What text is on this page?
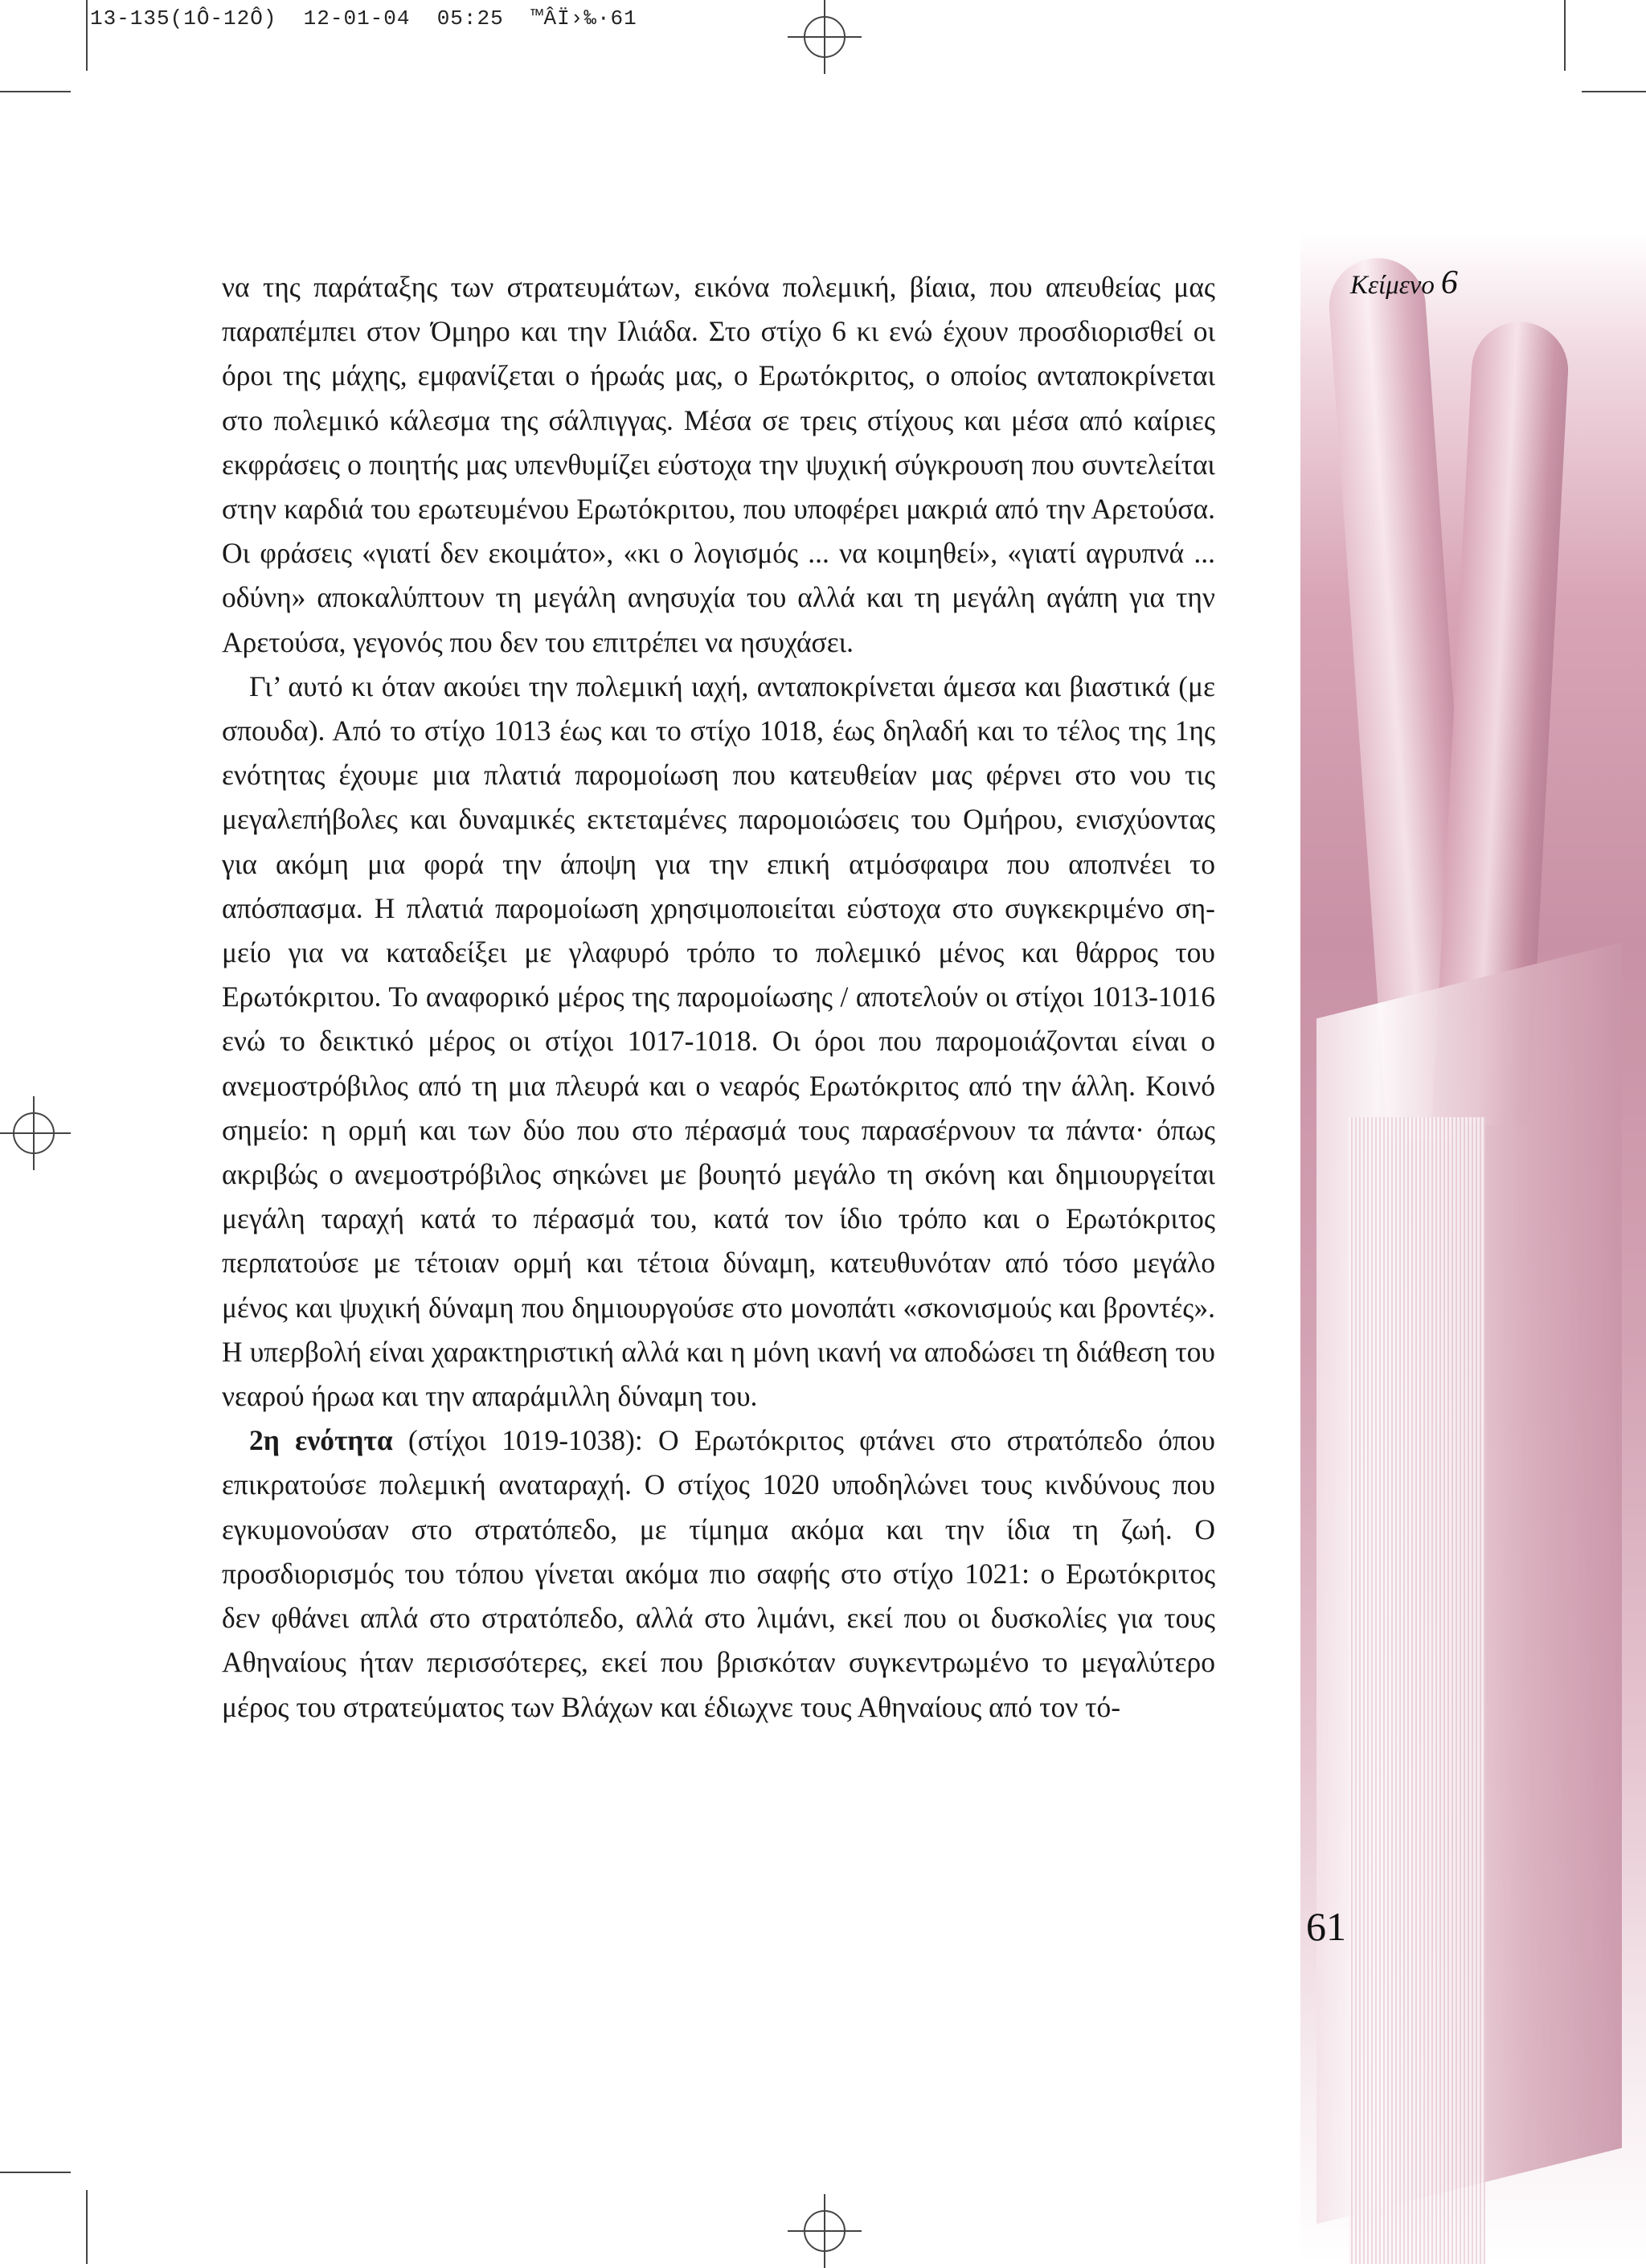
13-135(1Ô-12Ô) 12-01-04 05:25 ™ÂÏ›‰·61
Κείμενο 6

να της παράταξης των στρατευμάτων, εικόνα πολεμική, βίαια, που απευθείας μας παραπέμπει στον Όμηρο και την Ιλιάδα. Στο στίχο 6 κι ενώ έχουν προσδιορισθεί οι όροι της μάχης, εμφανίζεται ο ήρωάς μας, ο Ερωτόκριτος, ο οποίος ανταποκρίνεται στο πολεμικό κάλεσμα της σάλπιγγας. Μέσα σε τρεις στίχους και μέσα από καίριες εκφράσεις ο ποιητής μας υπενθυμίζει εύστοχα την ψυχική σύγκρουση που συντελείται στην καρδιά του ερωτευμένου Ερωτόκριτου, που υποφέρει μακριά από την Αρετούσα. Οι φράσεις «γιατί δεν εκοιμάτο», «κι ο λογισμός ... να κοιμηθεί», «γιατί αγρυπνά ... οδύνη» αποκαλύπτουν τη μεγάλη ανησυχία του αλλά και τη μεγάλη αγάπη για την Αρετούσα, γεγονός που δεν του επιτρέπει να ησυχάσει.

Γι’ αυτό κι όταν ακούει την πολεμική ιαχή, ανταποκρίνεται άμεσα και βιαστικά (με σπουδα). Από το στίχο 1013 έως και το στίχο 1018, έως δηλαδή και το τέλος της 1ης ενότητας έχουμε μια πλατιά παρομοίωση που κατευθείαν μας φέρνει στο νου τις μεγαλεπήβολες και δυναμικές εκτεταμένες παρομοιώσεις του Ομήρου, ενισχύοντας για ακόμη μια φορά την άποψη για την επική ατμόσφαιρα που αποπνέει το απόσπασμα. Η πλατιά παρομοίωση χρησιμοποιείται εύστοχα στο συγκεκριμένο σημείο για να καταδείξει με γλαφυρό τρόπο το πολεμικό μένος και θάρρος του Ερωτόκριτου. Το αναφορικό μέρος της παρομοίωσης / αποτελούν οι στίχοι 1013-1016 ενώ το δεικτικό μέρος οι στίχοι 1017-1018. Οι όροι που παρομοιάζονται είναι ο ανεμοστρόβιλος από τη μια πλευρά και ο νεαρός Ερωτόκριτος από την άλλη. Κοινό σημείο: η ορμή και των δύο που στο πέρασμά τους παρασέρνουν τα πάντα· όπως ακριβώς ο ανεμοστρόβιλος σηκώνει με βουητό μεγάλο τη σκόνη και δημιουργείται μεγάλη ταραχή κατά το πέρασμά του, κατά τον ίδιο τρόπο και ο Ερωτόκριτος περπατούσε με τέτοιαν ορμή και τέτοια δύναμη, κατευθυνόταν από τόσο μεγάλο μένος και ψυχική δύναμη που δημιουργούσε στο μονοπάτι «σκονισμούς και βροντές». Η υπερβολή είναι χαρακτηριστική αλλά και η μόνη ικανή να αποδώσει τη διάθεση του νεαρού ήρωα και την απαράμιλλη δύναμη του.

2η ενότητα (στίχοι 1019-1038): Ο Ερωτόκριτος φτάνει στο στρατόπεδο όπου επικρατούσε πολεμική αναταραχή. Ο στίχος 1020 υποδηλώνει τους κινδύνους που εγκυμονούσαν στο στρατόπεδο, με τίμημα ακόμα και την ίδια τη ζωή. Ο προσδιορισμός του τόπου γίνεται ακόμα πιο σαφής στο στίχο 1021: ο Ερωτόκριτος δεν φθάνει απλά στο στρατόπεδο, αλλά στο λιμάνι, εκεί που οι δυσκολίες για τους Αθηναίους ήταν περισσότερες, εκεί που βρισκόταν συγκεντρωμένο το μεγαλύτερο μέρος του στρατεύματος των Βλάχων και έδιωχνε τους Αθηναίους από τον τό-

61
